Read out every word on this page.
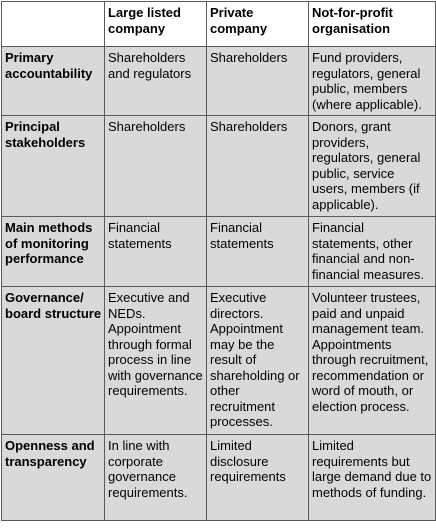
	Large listed company	Private company	Not-for-profit organisation
Primary accountability	Shareholders and regulators	Shareholders	Fund providers, regulators, general public, members (where applicable).
Principal stakeholders	Shareholders	Shareholders	Donors, grant providers, regulators, general public, service users, members (if applicable).
Main methods of monitoring performance	Financial statements	Financial statements	Financial statements, other financial and non-financial measures.
Governance/ board structure	Executive and NEDs. Appointment through formal process in line with governance requirements.	Executive directors. Appointment may be the result of shareholding or other recruitment processes.	Volunteer trustees, paid and unpaid management team. Appointments through recruitment, recommendation or word of mouth, or election process.
Openness and transparency	In line with corporate governance requirements.	Limited disclosure requirements	Limited requirements but large demand due to methods of funding.
